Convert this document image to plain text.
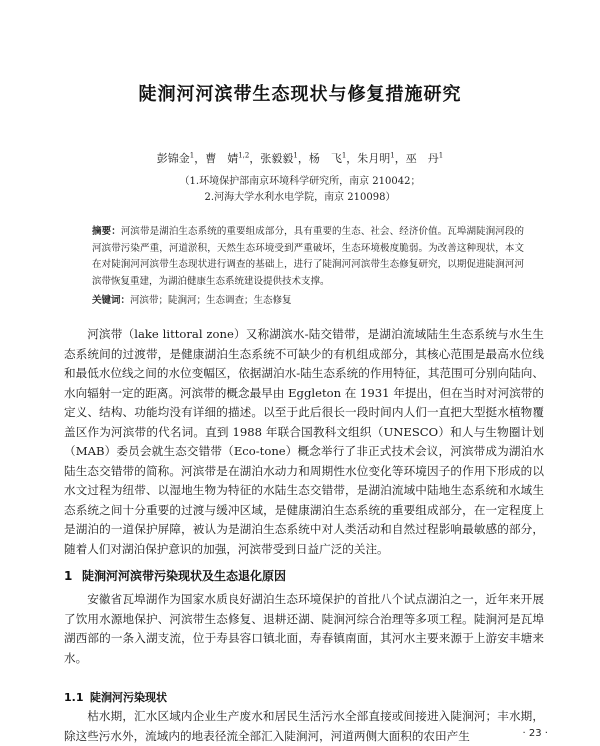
陡涧河河滨带生态现状与修复措施研究
彭锦金$^1$，曹　婧$^{1,2}$，张毅毅$^1$，杨　飞$^1$，朱月明$^1$，巫　丹$^1$
（1.环境保护部南京环境科学研究所，南京 210042；
2.河海大学水利水电学院，南京 210098）
摘要：河滨带是湖泊生态系统的重要组成部分，具有重要的生态、社会、经济价值。瓦埠湖陡涧河段的河滨带污染严重，河道淤积，天然生态环境受到严重破坏，生态环境极度脆弱。为改善这种现状，本文在对陡涧河河滨带生态现状进行调查的基础上，进行了陡涧河河滨带生态修复研究，以期促进陡涧河河滨带恢复重建，为湖泊健康生态系统建设提供技术支撑。
关键词：河滨带；陡涧河；生态调查；生态修复

河滨带（lake littoral zone）又称湖滨水-陆交错带，是湖泊流域陆生生态系统与水生生态系统间的过渡带，是健康湖泊生态系统不可缺少的有机组成部分，其核心范围是最高水位线和最低水位线之间的水位变幅区，依据湖泊水-陆生态系统的作用特征，其范围可分别向陆向、水向辐射一定的距离。河滨带的概念最早由 Eggleton 在 1931 年提出，但在当时对河滨带的定义、结构、功能均没有详细的描述。以至于此后很长一段时间内人们一直把大型挺水植物覆盖区作为河滨带的代名词。直到 1988 年联合国教科文组织（UNESCO）和人与生物圈计划（MAB）委员会就生态交错带（Eco-tone）概念举行了非正式技术会议，河滨带成为湖泊水陆生态交错带的简称。河滨带是在湖泊水动力和周期性水位变化等环境因子的作用下形成的以水文过程为纽带、以湿地生物为特征的水陆生态交错带，是湖泊流域中陆地生态系统和水域生态系统之间十分重要的过渡与缓冲区域，是健康湖泊生态系统的重要组成部分，在一定程度上是湖泊的一道保护屏障，被认为是湖泊生态系统中对人类活动和自然过程影响最敏感的部分，随着人们对湖泊保护意识的加强，河滨带受到日益广泛的关注。

1 陡涧河河滨带污染现状及生态退化原因

安徽省瓦埠湖作为国家水质良好湖泊生态环境保护的首批八个试点湖泊之一，近年来开展了饮用水源地保护、河滨带生态修复、退耕还湖、陡涧河综合治理等多项工程。陡涧河是瓦埠湖西部的一条入湖支流，位于寿县容口镇北面，寿春镇南面，其河水主要来源于上游安丰塘来水。

1.1 陡涧河污染现状

枯水期，汇水区域内企业生产废水和居民生活污水全部直接或间接进入陡涧河；丰水期，除这些污水外，流域内的地表径流全部汇入陡涧河，河道两侧大面积的农田产生	· 23 ·
